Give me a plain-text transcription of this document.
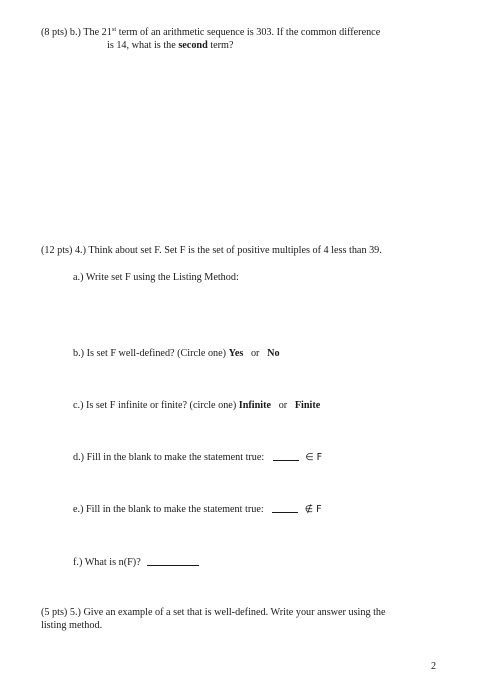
(8 pts) b.) The 21st term of an arithmetic sequence is 303. If the common difference
is 14, what is the second term?
(12 pts) 4.) Think about set F. Set F is the set of positive multiples of 4 less than 39.
a.) Write set F using the Listing Method:
b.) Is set F well-defined? (Circle one) Yes   or   No
c.) Is set F infinite or finite? (circle one) Infinite   or   Finite
d.) Fill in the blank to make the statement true:	∈ F
e.) Fill in the blank to make the statement true:	∉ F
f.) What is n(F)?
(5 pts) 5.) Give an example of a set that is well-defined. Write your answer using the
listing method.
2
